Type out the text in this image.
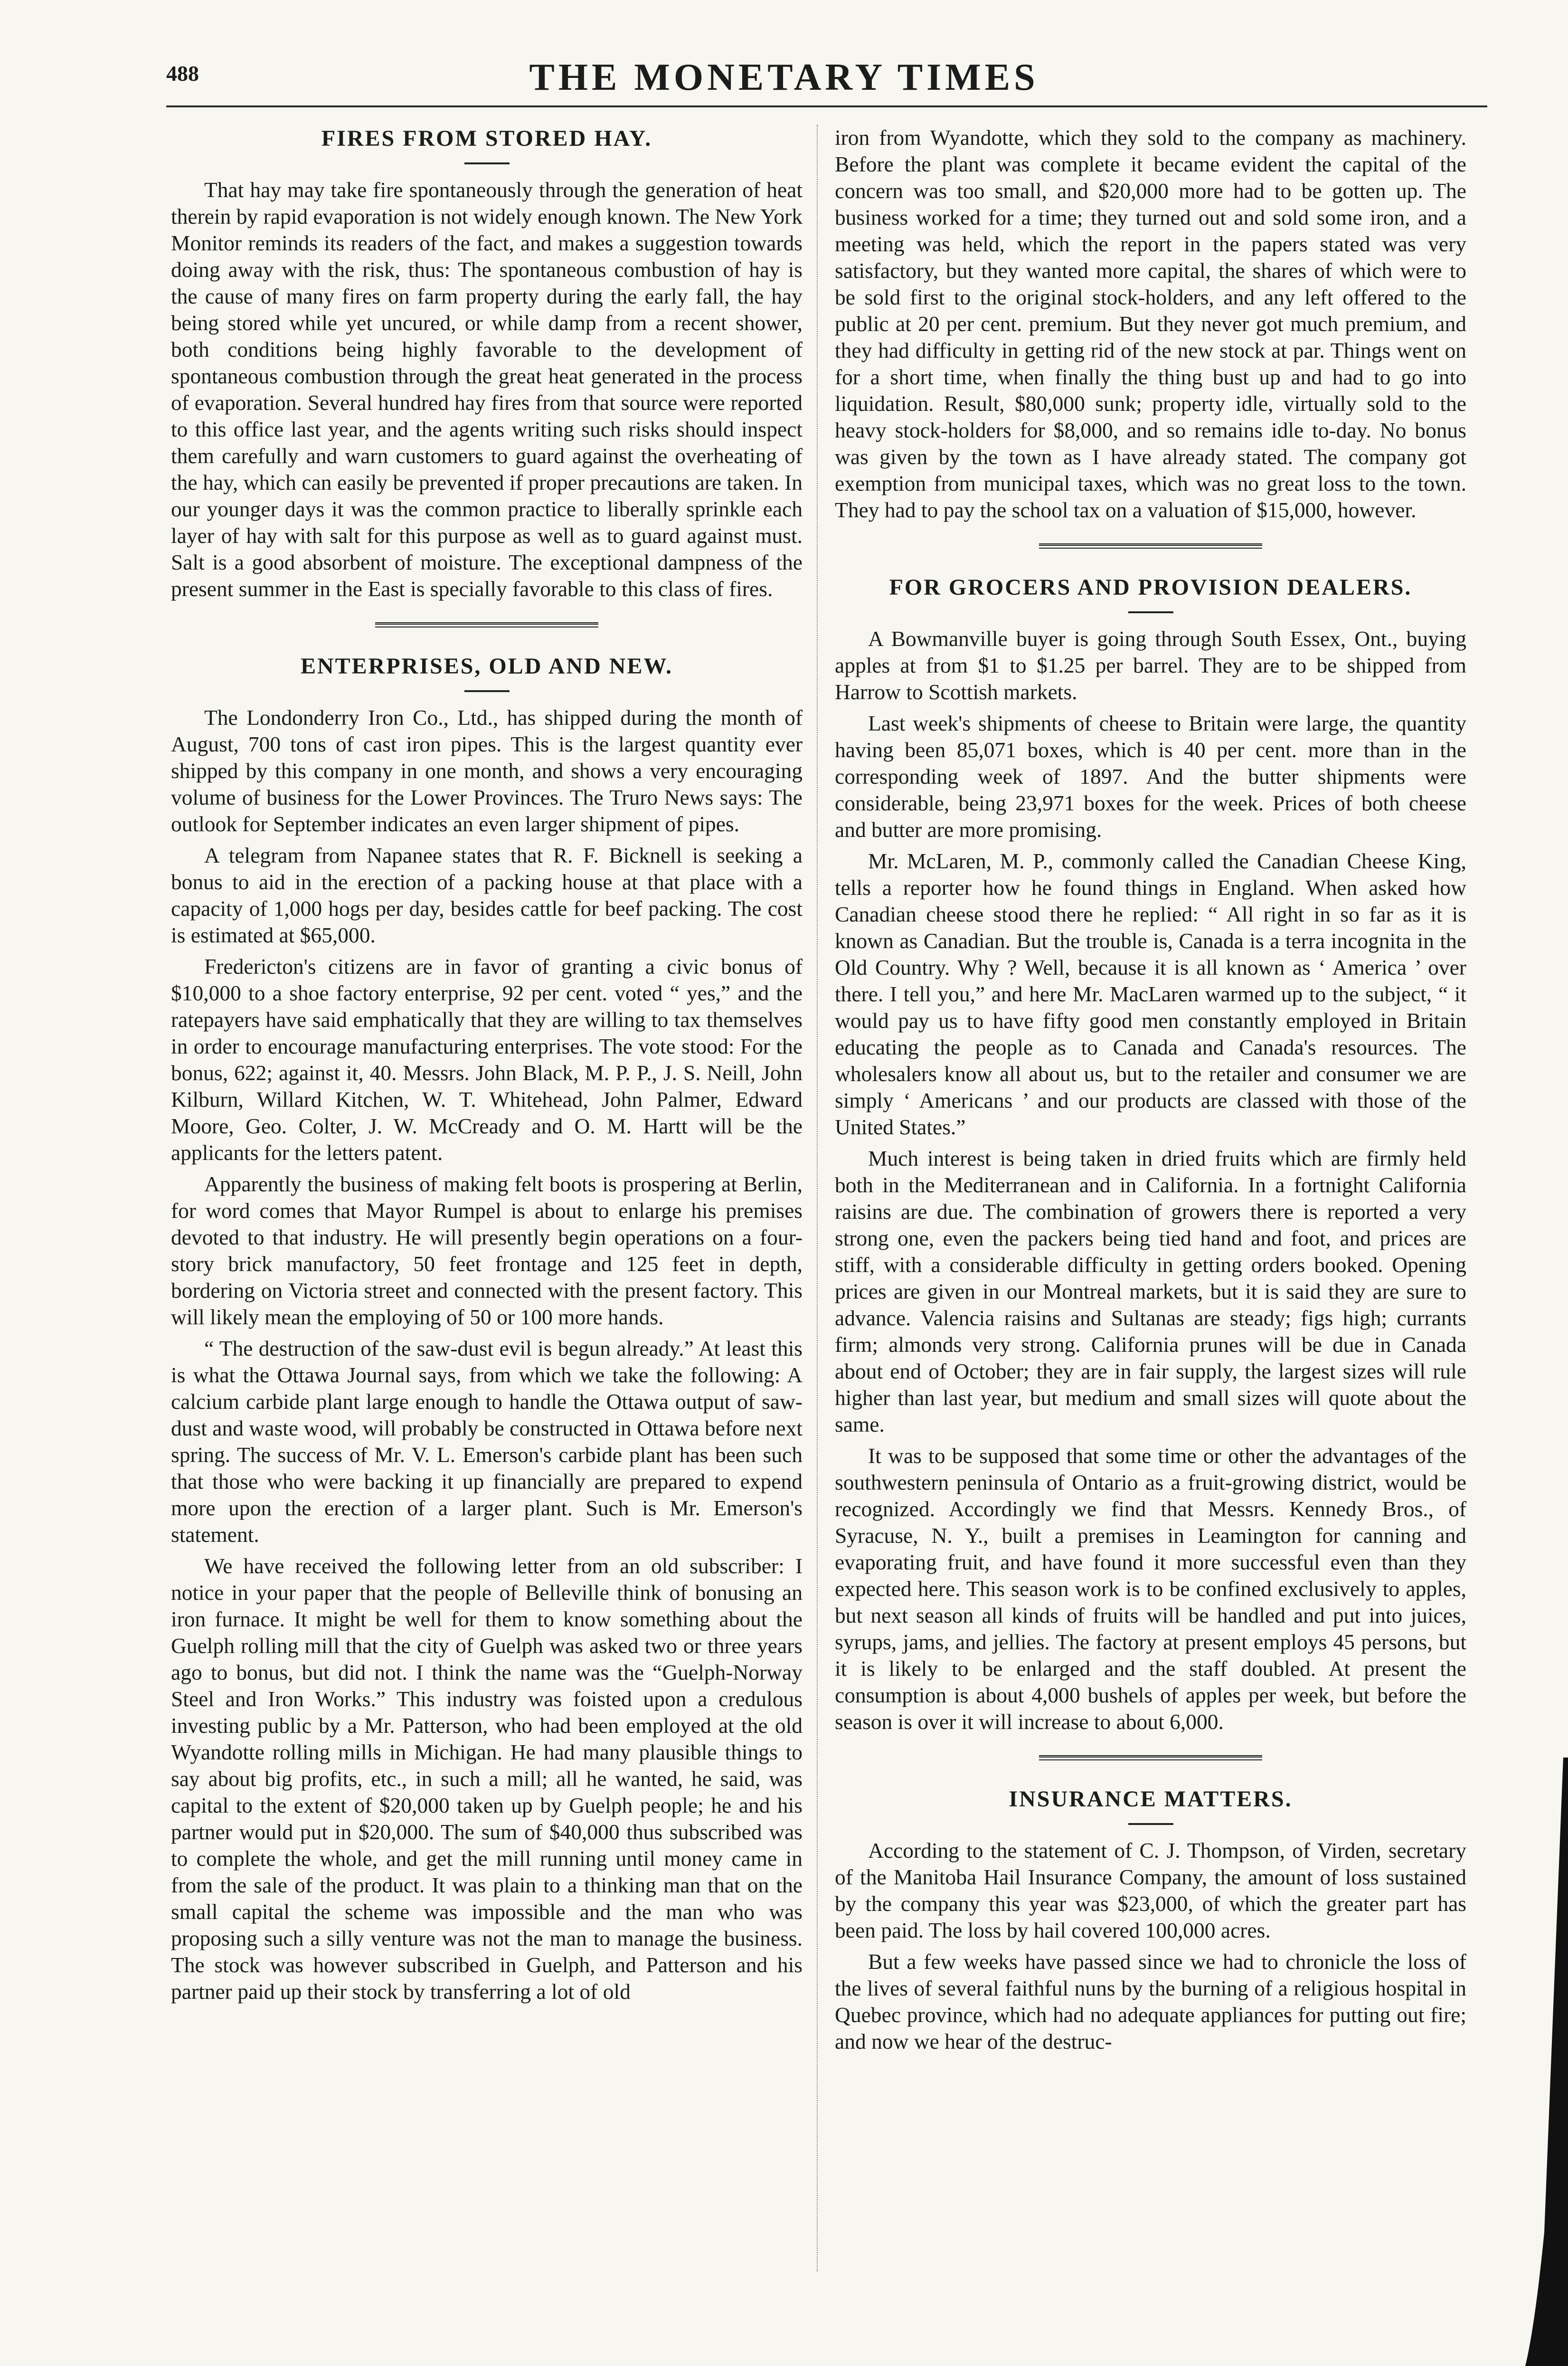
488	THE MONETARY TIMES
FIRES FROM STORED HAY.

That hay may take fire spontaneously through the generation of heat therein by rapid evaporation is not widely enough known. The New York Monitor reminds its readers of the fact, and makes a suggestion towards doing away with the risk, thus: The spontaneous combustion of hay is the cause of many fires on farm property during the early fall, the hay being stored while yet uncured, or while damp from a recent shower, both conditions being highly favorable to the development of spontaneous combustion through the great heat generated in the process of evaporation. Several hundred hay fires from that source were reported to this office last year, and the agents writing such risks should inspect them carefully and warn customers to guard against the overheating of the hay, which can easily be prevented if proper precautions are taken. In our younger days it was the common practice to liberally sprinkle each layer of hay with salt for this purpose as well as to guard against must. Salt is a good absorbent of moisture. The exceptional dampness of the present summer in the East is specially favorable to this class of fires.

ENTERPRISES, OLD AND NEW.

The Londonderry Iron Co., Ltd., has shipped during the month of August, 700 tons of cast iron pipes. This is the largest quantity ever shipped by this company in one month, and shows a very encouraging volume of business for the Lower Provinces. The Truro News says: The outlook for September indicates an even larger shipment of pipes.

A telegram from Napanee states that R. F. Bicknell is seeking a bonus to aid in the erection of a packing house at that place with a capacity of 1,000 hogs per day, besides cattle for beef packing. The cost is estimated at $65,000.

Fredericton's citizens are in favor of granting a civic bonus of $10,000 to a shoe factory enterprise, 92 per cent. voted “ yes,” and the ratepayers have said emphatically that they are willing to tax themselves in order to encourage manufacturing enterprises. The vote stood: For the bonus, 622; against it, 40. Messrs. John Black, M. P. P., J. S. Neill, John Kilburn, Willard Kitchen, W. T. Whitehead, John Palmer, Edward Moore, Geo. Colter, J. W. McCready and O. M. Hartt will be the applicants for the letters patent.

Apparently the business of making felt boots is prospering at Berlin, for word comes that Mayor Rumpel is about to enlarge his premises devoted to that industry. He will presently begin operations on a four-story brick manufactory, 50 feet frontage and 125 feet in depth, bordering on Victoria street and connected with the present factory. This will likely mean the employing of 50 or 100 more hands.

“ The destruction of the saw-dust evil is begun already.” At least this is what the Ottawa Journal says, from which we take the following: A calcium carbide plant large enough to handle the Ottawa output of saw-dust and waste wood, will probably be constructed in Ottawa before next spring. The success of Mr. V. L. Emerson's carbide plant has been such that those who were backing it up financially are prepared to expend more upon the erection of a larger plant. Such is Mr. Emerson's statement.

We have received the following letter from an old subscriber: I notice in your paper that the people of Belleville think of bonusing an iron furnace. It might be well for them to know something about the Guelph rolling mill that the city of Guelph was asked two or three years ago to bonus, but did not. I think the name was the “Guelph-Norway Steel and Iron Works.” This industry was foisted upon a credulous investing public by a Mr. Patterson, who had been employed at the old Wyandotte rolling mills in Michigan. He had many plausible things to say about big profits, etc., in such a mill; all he wanted, he said, was capital to the extent of $20,000 taken up by Guelph people; he and his partner would put in $20,000. The sum of $40,000 thus subscribed was to complete the whole, and get the mill running until money came in from the sale of the product. It was plain to a thinking man that on the small capital the scheme was impossible and the man who was proposing such a silly venture was not the man to manage the business. The stock was however subscribed in Guelph, and Patterson and his partner paid up their stock by transferring a lot of old

iron from Wyandotte, which they sold to the company as machinery. Before the plant was complete it became evident the capital of the concern was too small, and $20,000 more had to be gotten up. The business worked for a time; they turned out and sold some iron, and a meeting was held, which the report in the papers stated was very satisfactory, but they wanted more capital, the shares of which were to be sold first to the original stock-holders, and any left offered to the public at 20 per cent. premium. But they never got much premium, and they had difficulty in getting rid of the new stock at par. Things went on for a short time, when finally the thing bust up and had to go into liquidation. Result, $80,000 sunk; property idle, virtually sold to the heavy stock-holders for $8,000, and so remains idle to-day. No bonus was given by the town as I have already stated. The company got exemption from municipal taxes, which was no great loss to the town. They had to pay the school tax on a valuation of $15,000, however.

FOR GROCERS AND PROVISION DEALERS.

A Bowmanville buyer is going through South Essex, Ont., buying apples at from $1 to $1.25 per barrel. They are to be shipped from Harrow to Scottish markets.

Last week's shipments of cheese to Britain were large, the quantity having been 85,071 boxes, which is 40 per cent. more than in the corresponding week of 1897. And the butter shipments were considerable, being 23,971 boxes for the week. Prices of both cheese and butter are more promising.

Mr. McLaren, M. P., commonly called the Canadian Cheese King, tells a reporter how he found things in England. When asked how Canadian cheese stood there he replied: “ All right in so far as it is known as Canadian. But the trouble is, Canada is a terra incognita in the Old Country. Why ? Well, because it is all known as ‘ America ’ over there. I tell you,” and here Mr. MacLaren warmed up to the subject, “ it would pay us to have fifty good men constantly employed in Britain educating the people as to Canada and Canada's resources. The wholesalers know all about us, but to the retailer and consumer we are simply ‘ Americans ’ and our products are classed with those of the United States.”

Much interest is being taken in dried fruits which are firmly held both in the Mediterranean and in California. In a fortnight California raisins are due. The combination of growers there is reported a very strong one, even the packers being tied hand and foot, and prices are stiff, with a considerable difficulty in getting orders booked. Opening prices are given in our Montreal markets, but it is said they are sure to advance. Valencia raisins and Sultanas are steady; figs high; currants firm; almonds very strong. California prunes will be due in Canada about end of October; they are in fair supply, the largest sizes will rule higher than last year, but medium and small sizes will quote about the same.

It was to be supposed that some time or other the advantages of the southwestern peninsula of Ontario as a fruit-growing district, would be recognized. Accordingly we find that Messrs. Kennedy Bros., of Syracuse, N. Y., built a premises in Leamington for canning and evaporating fruit, and have found it more successful even than they expected here. This season work is to be confined exclusively to apples, but next season all kinds of fruits will be handled and put into juices, syrups, jams, and jellies. The factory at present employs 45 persons, but it is likely to be enlarged and the staff doubled. At present the consumption is about 4,000 bushels of apples per week, but before the season is over it will increase to about 6,000.

INSURANCE MATTERS.

According to the statement of C. J. Thompson, of Virden, secretary of the Manitoba Hail Insurance Company, the amount of loss sustained by the company this year was $23,000, of which the greater part has been paid. The loss by hail covered 100,000 acres.

But a few weeks have passed since we had to chronicle the loss of the lives of several faithful nuns by the burning of a religious hospital in Quebec province, which had no adequate appliances for putting out fire; and now we hear of the destruc-
